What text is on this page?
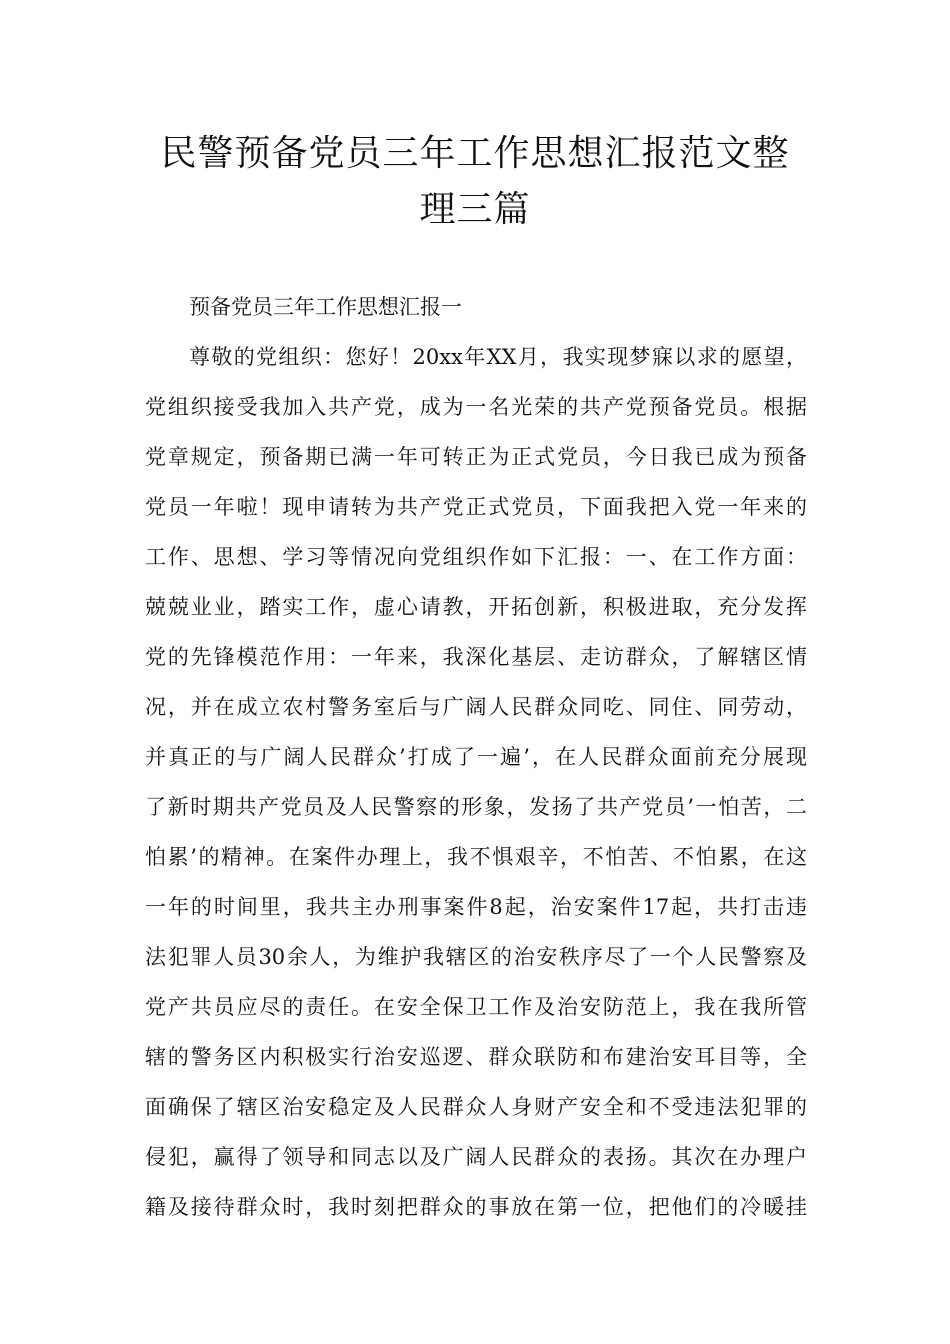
民警预备党员三年工作思想汇报范文整
理三篇
预备党员三年工作思想汇报一
尊敬的党组织：您好！20xx年XX月，我实现梦寐以求的愿望，
党组织接受我加入共产党，成为一名光荣的共产党预备党员。根据
党章规定，预备期已满一年可转正为正式党员，今日我已成为预备
党员一年啦！现申请转为共产党正式党员，下面我把入党一年来的
工作、思想、学习等情况向党组织作如下汇报：一、在工作方面：
兢兢业业，踏实工作，虚心请教，开拓创新，积极进取，充分发挥
党的先锋模范作用：一年来，我深化基层、走访群众，了解辖区情
况，并在成立农村警务室后与广阔人民群众同吃、同住、同劳动，
并真正的与广阔人民群众’打成了一遍’，在人民群众面前充分展现
了新时期共产党员及人民警察的形象，发扬了共产党员’一怕苦，二
怕累’的精神。在案件办理上，我不惧艰辛，不怕苦、不怕累，在这
一年的时间里，我共主办刑事案件8起，治安案件17起，共打击违
法犯罪人员30余人，为维护我辖区的治安秩序尽了一个人民警察及
党产共员应尽的责任。在安全保卫工作及治安防范上，我在我所管
辖的警务区内积极实行治安巡逻、群众联防和布建治安耳目等，全
面确保了辖区治安稳定及人民群众人身财产安全和不受违法犯罪的
侵犯，赢得了领导和同志以及广阔人民群众的表扬。其次在办理户
籍及接待群众时，我时刻把群众的事放在第一位，把他们的冷暖挂
